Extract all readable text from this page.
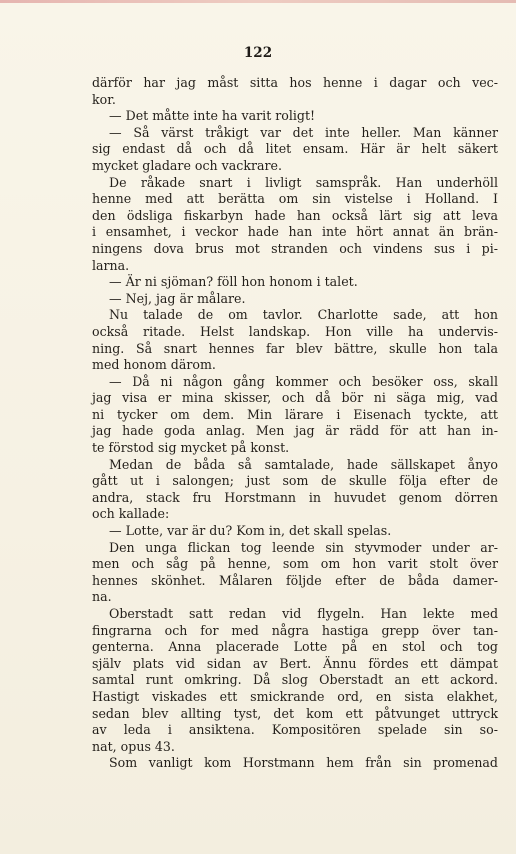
122
därför har jag måst sitta hos henne i dagar och vec-
kor.
— Det måtte inte ha varit roligt!
— Så värst tråkigt var det inte heller. Man känner
sig endast då och då litet ensam. Här är helt säkert
mycket gladare och vackrare.
De råkade snart i livligt samspråk. Han underhöll
henne med att berätta om sin vistelse i Holland. I
den ödsliga fiskarbyn hade han också lärt sig att leva
i ensamhet, i veckor hade han inte hört annat än brän-
ningens dova brus mot stranden och vindens sus i pi-
larna.
— Är ni sjöman? föll hon honom i talet.
— Nej, jag är målare.
Nu talade de om tavlor. Charlotte sade, att hon
också ritade. Helst landskap. Hon ville ha undervis-
ning. Så snart hennes far blev bättre, skulle hon tala
med honom därom.
— Då ni någon gång kommer och besöker oss, skall
jag visa er mina skisser, och då bör ni säga mig, vad
ni tycker om dem. Min lärare i Eisenach tyckte, att
jag hade goda anlag. Men jag är rädd för att han in-
te förstod sig mycket på konst.
Medan de båda så samtalade, hade sällskapet ånyo
gått ut i salongen; just som de skulle följa efter de
andra, stack fru Horstmann in huvudet genom dörren
och kallade:
— Lotte, var är du? Kom in, det skall spelas.
Den unga flickan tog leende sin styvmoder under ar-
men och såg på henne, som om hon varit stolt över
hennes skönhet. Målaren följde efter de båda damer-
na.
Oberstadt satt redan vid flygeln. Han lekte med
fingrarna och for med några hastiga grepp över tan-
genterna. Anna placerade Lotte på en stol och tog
själv plats vid sidan av Bert. Ännu fördes ett dämpat
samtal runt omkring. Då slog Oberstadt an ett ackord.
Hastigt viskades ett smickrande ord, en sista elakhet,
sedan blev allting tyst, det kom ett påtvunget uttryck
av leda i ansiktena. Kompositören spelade sin so-
nat, opus 43.
Som vanligt kom Horstmann hem från sin promenad
